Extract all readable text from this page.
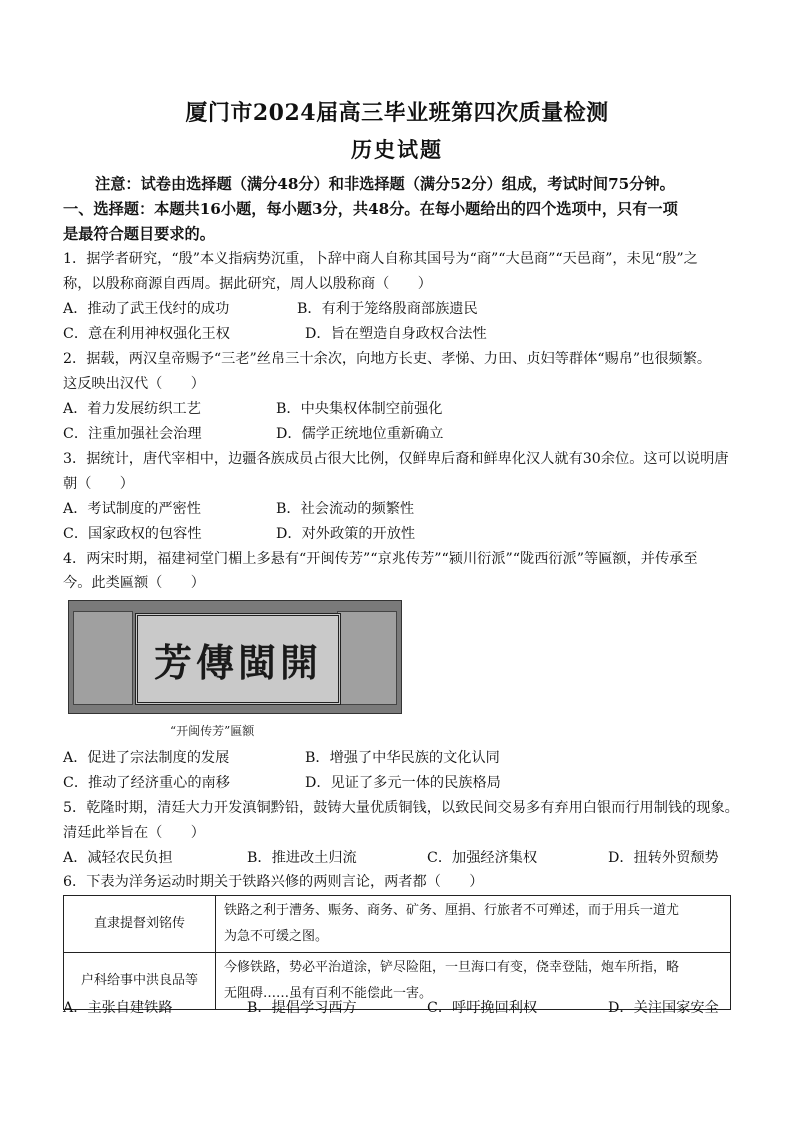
厦门市2024届高三毕业班第四次质量检测
历史试题
注意：试卷由选择题（满分48分）和非选择题（满分52分）组成，考试时间75分钟。
一、选择题：本题共16小题，每小题3分，共48分。在每小题给出的四个选项中，只有一项
是最符合题目要求的。
1．据学者研究，“殷”本义指病势沉重，卜辞中商人自称其国号为“商”“大邑商”“天邑商”，未见“殷”之
称，以殷称商源自西周。据此研究，周人以殷称商（　　）
A．推动了武王伐纣的成功	B．有利于笼络殷商部族遗民
C．意在利用神权强化王权	D．旨在塑造自身政权合法性
2．据载，两汉皇帝赐予“三老”丝帛三十余次，向地方长吏、孝悌、力田、贞妇等群体“赐帛”也很频繁。
这反映出汉代（　　）
A．着力发展纺织工艺	B．中央集权体制空前强化
C．注重加强社会治理	D．儒学正统地位重新确立
3．据统计，唐代宰相中，边疆各族成员占很大比例，仅鲜卑后裔和鲜卑化汉人就有30余位。这可以说明唐
朝（　　）
A．考试制度的严密性	B．社会流动的频繁性
C．国家政权的包容性	D．对外政策的开放性
4．两宋时期，福建祠堂门楣上多悬有“开闽传芳”“京兆传芳”“颍川衍派”“陇西衍派”等匾额，并传承至
今。此类匾额（　　）
芳傳閩開
“开闽传芳”匾额
A．促进了宗法制度的发展	B．增强了中华民族的文化认同
C．推动了经济重心的南移	D．见证了多元一体的民族格局
5．乾隆时期，清廷大力开发滇铜黔铅，鼓铸大量优质铜钱，以致民间交易多有弃用白银而行用制钱的现象。
清廷此举旨在（　　）
A．减轻农民负担	B．推进改土归流	C．加强经济集权	D．扭转外贸颓势
6．下表为洋务运动时期关于铁路兴修的两则言论，两者都（　　）
直隶提督刘铭传	铁路之利于漕务、赈务、商务、矿务、厘捐、行旅者不可殚述，而于用兵一道尤
为急不可缓之图。

户科给事中洪良品等	今修铁路，势必平治道涂，铲尽险阻，一旦海口有变，侥幸登陆，炮车所指，略
无阻碍……虽有百利不能偿此一害。
A．主张自建铁路	B．提倡学习西方	C．呼吁挽回利权	D．关注国家安全
